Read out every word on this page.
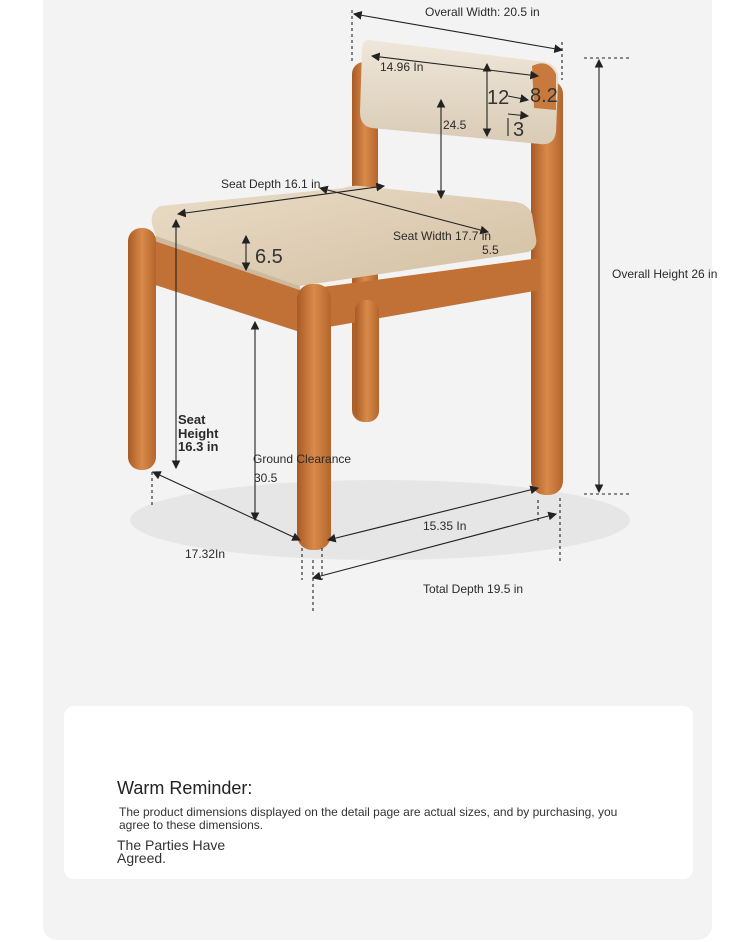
Overall Width: 20.5 in
14.96 In
12 8.2
3
24.5
Seat Depth 16.1 in
Seat Width 17.7 in
5.5
6.5
Overall Height 26 in
Seat Height 16.3 in
Ground Clearance
30.5
15.35 In
17.32In
Total Depth 19.5 in
Warm Reminder:
The product dimensions displayed on the detail page are actual sizes, and by purchasing, you agree to these dimensions.
The Parties Have Agreed.
